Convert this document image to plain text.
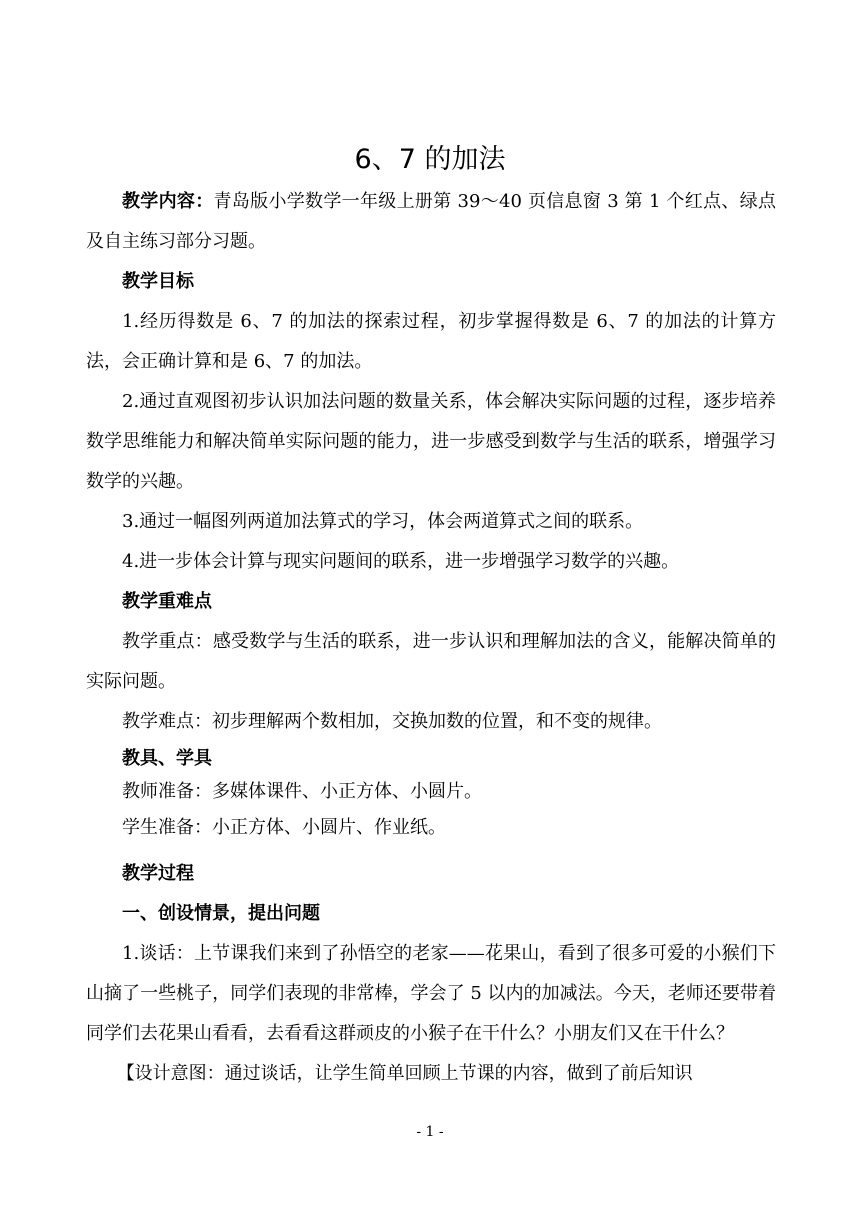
6、7 的加法

教学内容：青岛版小学数学一年级上册第 39～40 页信息窗 3 第 1 个红点、绿点及自主练习部分习题。

教学目标

1.经历得数是 6、7 的加法的探索过程，初步掌握得数是 6、7 的加法的计算方法，会正确计算和是 6、7 的加法。

2.通过直观图初步认识加法问题的数量关系，体会解决实际问题的过程，逐步培养数学思维能力和解决简单实际问题的能力，进一步感受到数学与生活的联系，增强学习数学的兴趣。

3.通过一幅图列两道加法算式的学习，体会两道算式之间的联系。

4.进一步体会计算与现实问题间的联系，进一步增强学习数学的兴趣。

教学重难点

教学重点：感受数学与生活的联系，进一步认识和理解加法的含义，能解决简单的实际问题。

教学难点：初步理解两个数相加，交换加数的位置，和不变的规律。

教具、学具

教师准备：多媒体课件、小正方体、小圆片。

学生准备：小正方体、小圆片、作业纸。

教学过程

一、创设情景，提出问题

1.谈话：上节课我们来到了孙悟空的老家——花果山，看到了很多可爱的小猴们下山摘了一些桃子，同学们表现的非常棒，学会了 5 以内的加减法。今天，老师还要带着同学们去花果山看看，去看看这群顽皮的小猴子在干什么？小朋友们又在干什么？

【设计意图：通过谈话，让学生简单回顾上节课的内容，做到了前后知识

- 1 -
